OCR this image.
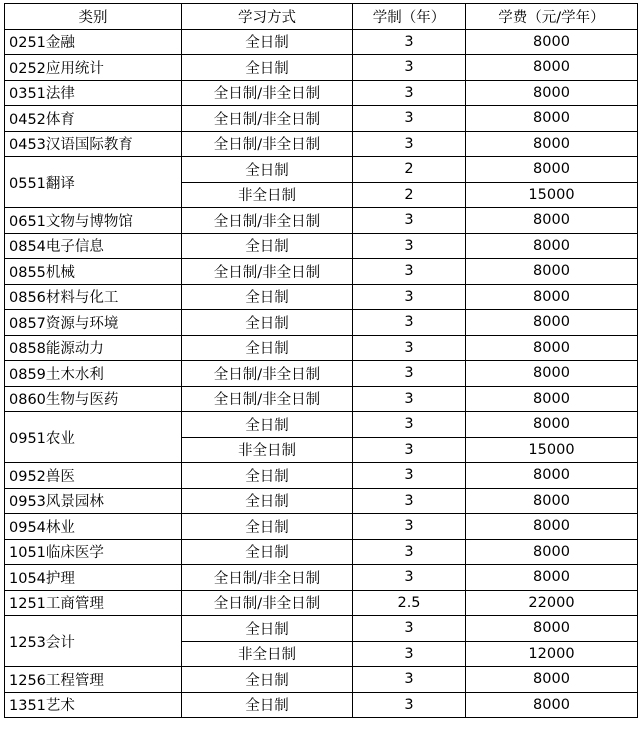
类别	学习方式	学制（年）	学费（元/学年）
0251金融	全日制	3	8000
0252应用统计	全日制	3	8000
0351法律	全日制/非全日制	3	8000
0452体育	全日制/非全日制	3	8000
0453汉语国际教育	全日制/非全日制	3	8000
0551翻译	全日制	2	8000
	非全日制	2	15000
0651文物与博物馆	全日制/非全日制	3	8000
0854电子信息	全日制	3	8000
0855机械	全日制/非全日制	3	8000
0856材料与化工	全日制	3	8000
0857资源与环境	全日制	3	8000
0858能源动力	全日制	3	8000
0859土木水利	全日制/非全日制	3	8000
0860生物与医药	全日制/非全日制	3	8000
0951农业	全日制	3	8000
	非全日制	3	15000
0952兽医	全日制	3	8000
0953风景园林	全日制	3	8000
0954林业	全日制	3	8000
1051临床医学	全日制	3	8000
1054护理	全日制/非全日制	3	8000
1251工商管理	全日制/非全日制	2.5	22000
1253会计	全日制	3	8000
	非全日制	3	12000
1256工程管理	全日制	3	8000
1351艺术	全日制	3	8000
